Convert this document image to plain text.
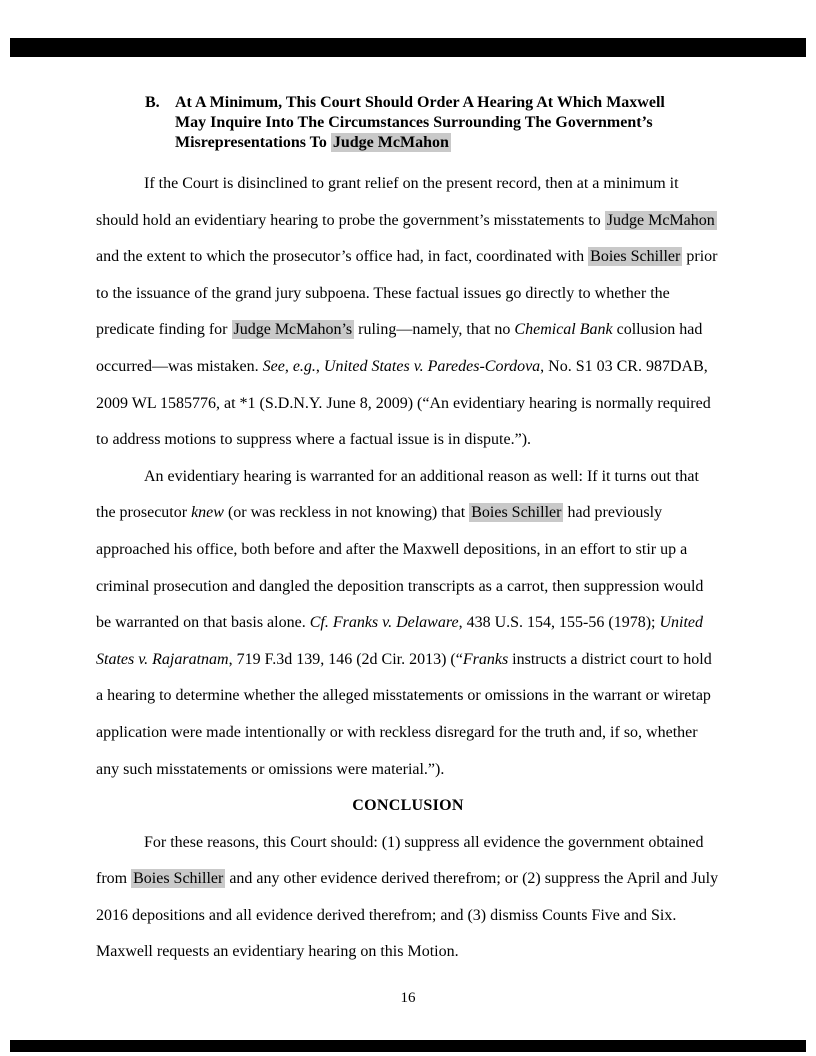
B. At A Minimum, This Court Should Order A Hearing At Which Maxwell
May Inquire Into The Circumstances Surrounding The Government’s
Misrepresentations To Judge McMahon
If the Court is disinclined to grant relief on the present record, then at a minimum it
should hold an evidentiary hearing to probe the government’s misstatements to Judge McMahon
and the extent to which the prosecutor’s office had, in fact, coordinated with Boies Schiller prior
to the issuance of the grand jury subpoena. These factual issues go directly to whether the
predicate finding for Judge McMahon’s ruling—namely, that no Chemical Bank collusion had
occurred—was mistaken. See, e.g., United States v. Paredes-Cordova, No. S1 03 CR. 987DAB,
2009 WL 1585776, at *1 (S.D.N.Y. June 8, 2009) (“An evidentiary hearing is normally required
to address motions to suppress where a factual issue is in dispute.”).
An evidentiary hearing is warranted for an additional reason as well: If it turns out that
the prosecutor knew (or was reckless in not knowing) that Boies Schiller had previously
approached his office, both before and after the Maxwell depositions, in an effort to stir up a
criminal prosecution and dangled the deposition transcripts as a carrot, then suppression would
be warranted on that basis alone. Cf. Franks v. Delaware, 438 U.S. 154, 155-56 (1978); United
States v. Rajaratnam, 719 F.3d 139, 146 (2d Cir. 2013) (“Franks instructs a district court to hold
a hearing to determine whether the alleged misstatements or omissions in the warrant or wiretap
application were made intentionally or with reckless disregard for the truth and, if so, whether
any such misstatements or omissions were material.”).
CONCLUSION
For these reasons, this Court should: (1) suppress all evidence the government obtained
from Boies Schiller and any other evidence derived therefrom; or (2) suppress the April and July
2016 depositions and all evidence derived therefrom; and (3) dismiss Counts Five and Six.
Maxwell requests an evidentiary hearing on this Motion.
16
